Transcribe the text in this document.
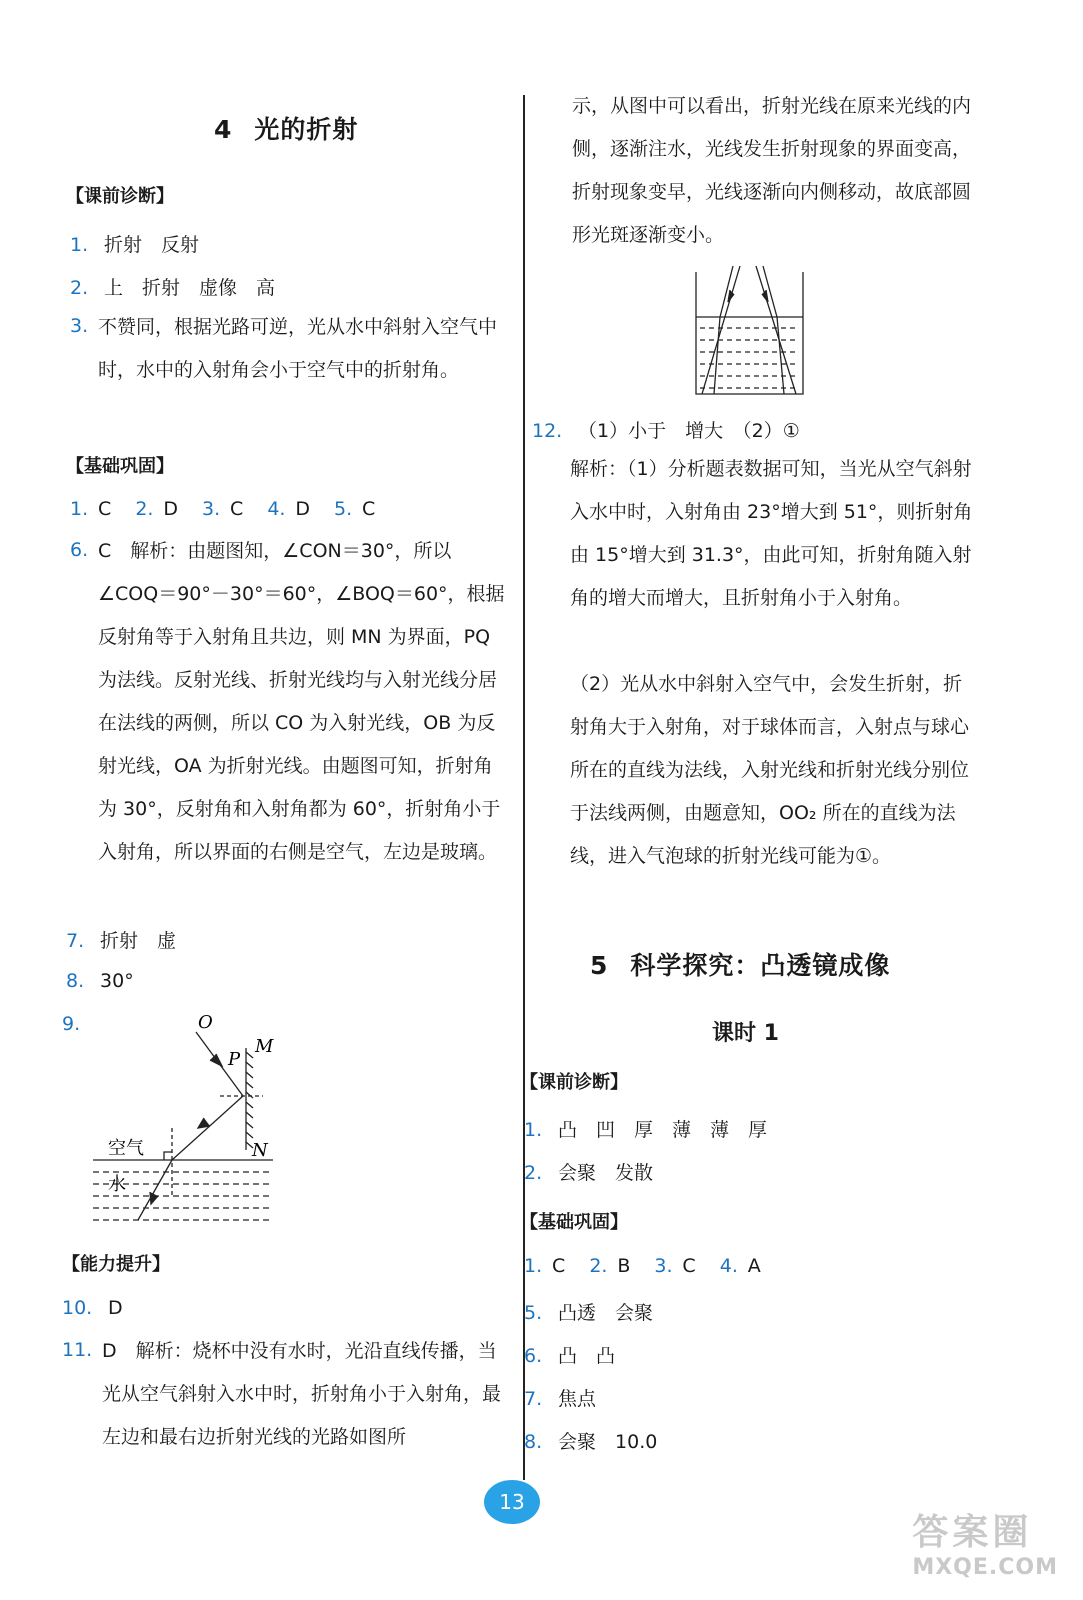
4 光的折射
【课前诊断】
1. 折射　反射
2. 上　折射　虚像　高
3. 不赞同，根据光路可逆，光从水中斜射入空气中时，水中的入射角会小于空气中的折射角。
【基础巩固】
1. C 2. D 3. C 4. D 5. C
6. C　解析：由题图知，∠CON＝30°，所以∠COQ＝90°－30°＝60°，∠BOQ＝60°，根据反射角等于入射角且共边，则 MN 为界面，PQ 为法线。反射光线、折射光线均与入射光线分居在法线的两侧，所以 CO 为入射光线，OB 为反射光线，OA 为折射光线。由题图可知，折射角为 30°，反射角和入射角都为 60°，折射角小于入射角，所以界面的右侧是空气，左边是玻璃。
7. 折射　虚
8. 30°
9.	O
P
M
N
空气
水
【能力提升】
10. D
11. D　解析：烧杯中没有水时，光沿直线传播，当光从空气斜射入水中时，折射角小于入射角，最左边和最右边折射光线的光路如图所
示，从图中可以看出，折射光线在原来光线的内侧，逐渐注水，光线发生折射现象的界面变高，折射现象变早，光线逐渐向内侧移动，故底部圆形光斑逐渐变小。
12. （1）小于　增大　（2）①
解析：（1）分析题表数据可知，当光从空气斜射入水中时，入射角由 23°增大到 51°，则折射角由 15°增大到 31.3°，由此可知，折射角随入射角的增大而增大，且折射角小于入射角。
（2）光从水中斜射入空气中，会发生折射，折射角大于入射角，对于球体而言，入射点与球心所在的直线为法线，入射光线和折射光线分别位于法线两侧，由题意知，OO₂ 所在的直线为法线，进入气泡球的折射光线可能为①。
5 科学探究：凸透镜成像
课时 1
【课前诊断】
1. 凸　凹　厚　薄　薄　厚
2. 会聚　发散
【基础巩固】
1. C 2. B 3. C 4. A
5. 凸透　会聚
6. 凸　凸
7. 焦点
8. 会聚　10.0
13
答案圈
MXQE.COM
